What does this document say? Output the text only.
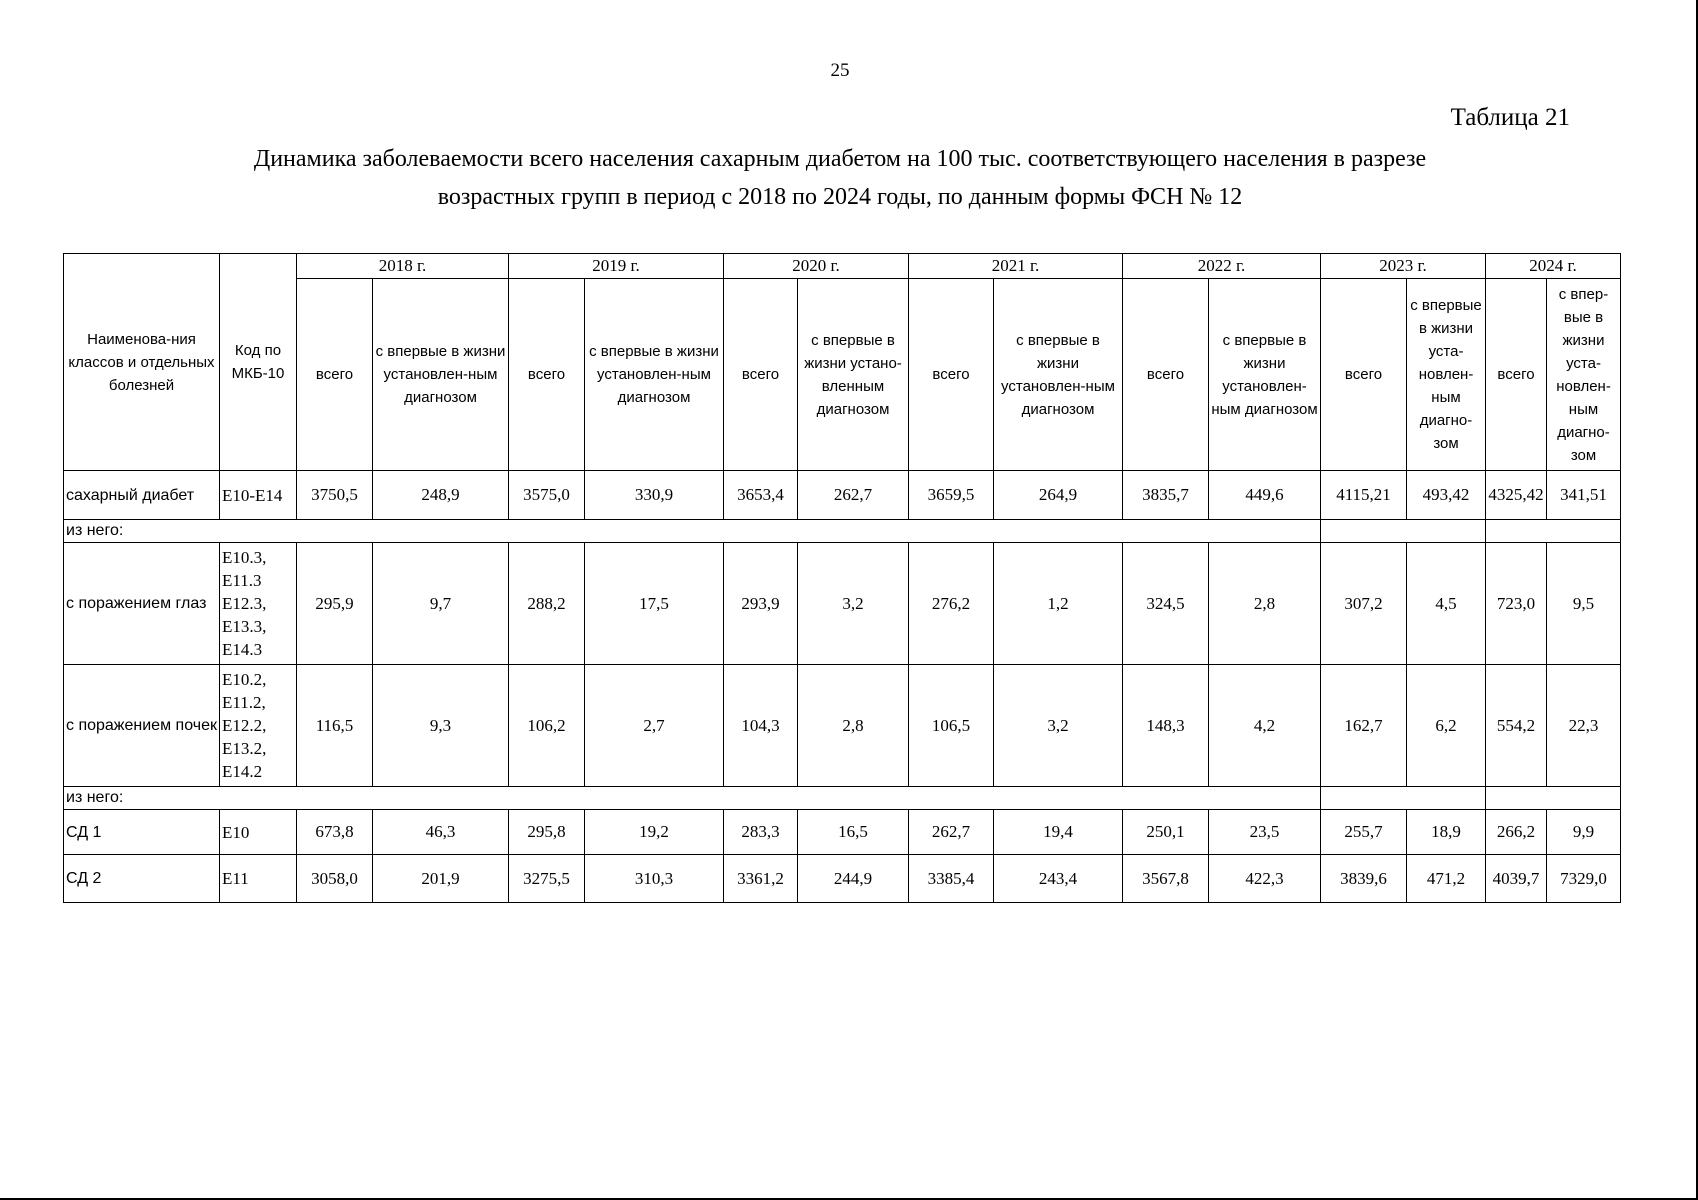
25
Таблица 21
Динамика заболеваемости всего населения сахарным диабетом на 100 тыс. соответствующего населения в разрезе
возрастных групп в период с 2018 по 2024 годы, по данным формы ФСН № 12
Наименова-ния классов и отдельных болезней	Код по МКБ-10	2018 г.		2019 г.		2020 г.		2021 г.		2022 г.		2023 г.		2024 г.	
		всего	с впервые в жизни установлен-ным диагнозом	всего	с впервые в жизни установлен-ным диагнозом	всего	с впервые в жизни устано-вленным диагнозом	всего	с впервые в жизни установлен-ным диагнозом	всего	с впервые в жизни установлен-ным диагнозом	всего	с впервые в жизни уста-новлен-ным диагно-зом	всего	с впер-вые в жизни уста-новлен-ным диагно-зом
сахарный диабет	Е10-Е14	3750,5	248,9	3575,0	330,9	3653,4	262,7	3659,5	264,9	3835,7	449,6	4115,21	493,42	4325,42	341,51
из него:															
с поражением глаз	Е10.3, Е11.3 Е12.3, Е13.3, Е14.3	295,9	9,7	288,2	17,5	293,9	3,2	276,2	1,2	324,5	2,8	307,2	4,5	723,0	9,5
с поражением почек	Е10.2, Е11.2, Е12.2, Е13.2, Е14.2	116,5	9,3	106,2	2,7	104,3	2,8	106,5	3,2	148,3	4,2	162,7	6,2	554,2	22,3
из него:															
СД 1	Е10	673,8	46,3	295,8	19,2	283,3	16,5	262,7	19,4	250,1	23,5	255,7	18,9	266,2	9,9
СД 2	Е11	3058,0	201,9	3275,5	310,3	3361,2	244,9	3385,4	243,4	3567,8	422,3	3839,6	471,2	4039,7	7329,0
